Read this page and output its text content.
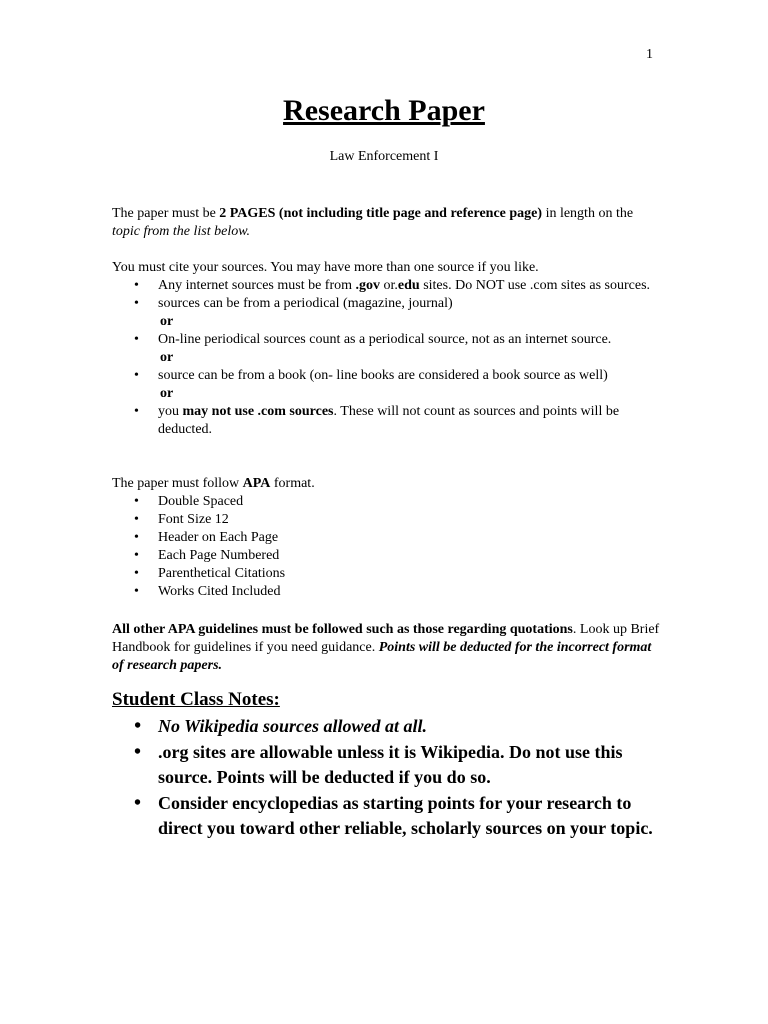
1
Research Paper
Law Enforcement I
The paper must be 2 PAGES (not including title page and reference page) in length on the topic from the list below.
You must cite your sources. You may have more than one source if you like.
• Any internet sources must be from .gov or.edu sites. Do NOT use .com sites as sources.
• sources can be from a periodical (magazine, journal)
or
• On-line periodical sources count as a periodical source, not as an internet source.
or
• source can be from a book (on- line books are considered a book source as well)
or
• you may not use .com sources. These will not count as sources and points will be deducted.
The paper must follow APA format.
• Double Spaced
• Font Size 12
• Header on Each Page
• Each Page Numbered
• Parenthetical Citations
• Works Cited Included
All other APA guidelines must be followed such as those regarding quotations. Look up Brief Handbook for guidelines if you need guidance. Points will be deducted for the incorrect format of research papers.
Student Class Notes:
• No Wikipedia sources allowed at all.
• .org sites are allowable unless it is Wikipedia. Do not use this source. Points will be deducted if you do so.
• Consider encyclopedias as starting points for your research to direct you toward other reliable, scholarly sources on your topic.
